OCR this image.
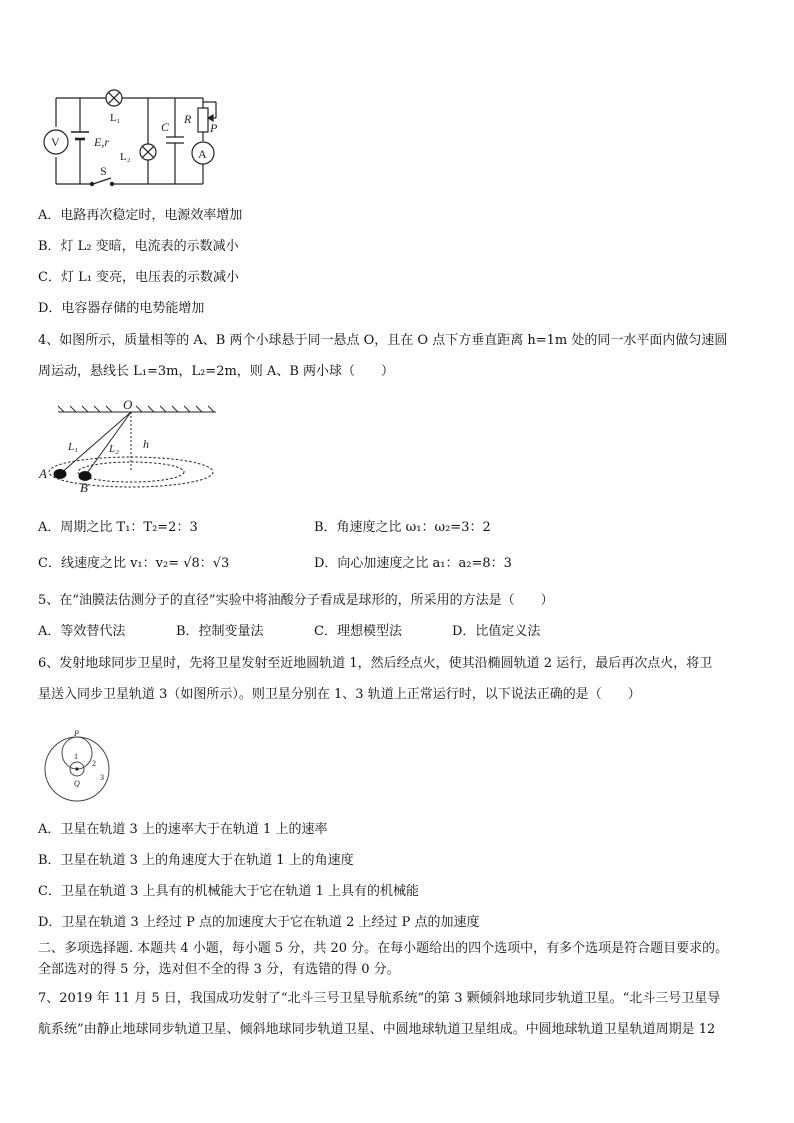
V
L₁
E,r
L₂
S
C
R
P
A
A．电路再次稳定时，电源效率增加
B．灯 L₂ 变暗，电流表的示数减小
C．灯 L₁ 变亮，电压表的示数减小
D．电容器存储的电势能增加
4、如图所示，质量相等的 A、B 两个小球悬于同一悬点 O，且在 O 点下方垂直距离 h=1m 处的同一水平面内做匀速圆
周运动，悬线长 L₁=3m，L₂=2m，则 A、B 两小球（　　）
O
L₁	L₂ h
A
B
A．周期之比 T₁：T₂=2：3	B．角速度之比 ω₁：ω₂=3：2
C．线速度之比 v₁：v₂= √8：√3	D．向心加速度之比 a₁：a₂=8：3
5、在“油膜法估测分子的直径”实验中将油酸分子看成是球形的，所采用的方法是（　　）
A．等效替代法	B．控制变量法	C．理想模型法	D．比值定义法
6、发射地球同步卫星时，先将卫星发射至近地圆轨道 1，然后经点火，使其沿椭圆轨道 2 运行，最后再次点火，将卫
星送入同步卫星轨道 3（如图所示）。则卫星分别在 1、3 轨道上正常运行时，以下说法正确的是（　　）
P
Q
1
2
3
A．卫星在轨道 3 上的速率大于在轨道 1 上的速率
B．卫星在轨道 3 上的角速度大于在轨道 1 上的角速度
C．卫星在轨道 3 上具有的机械能大于它在轨道 1 上具有的机械能
D．卫星在轨道 3 上经过 P 点的加速度大于它在轨道 2 上经过 P 点的加速度
二、多项选择题. 本题共 4 小题，每小题 5 分，共 20 分。在每小题给出的四个选项中，有多个选项是符合题目要求的。
全部选对的得 5 分，选对但不全的得 3 分，有选错的得 0 分。
7、2019 年 11 月 5 日，我国成功发射了“北斗三号卫星导航系统”的第 3 颗倾斜地球同步轨道卫星。“北斗三号卫星导
航系统”由静止地球同步轨道卫星、倾斜地球同步轨道卫星、中圆地球轨道卫星组成。中圆地球轨道卫星轨道周期是 12
